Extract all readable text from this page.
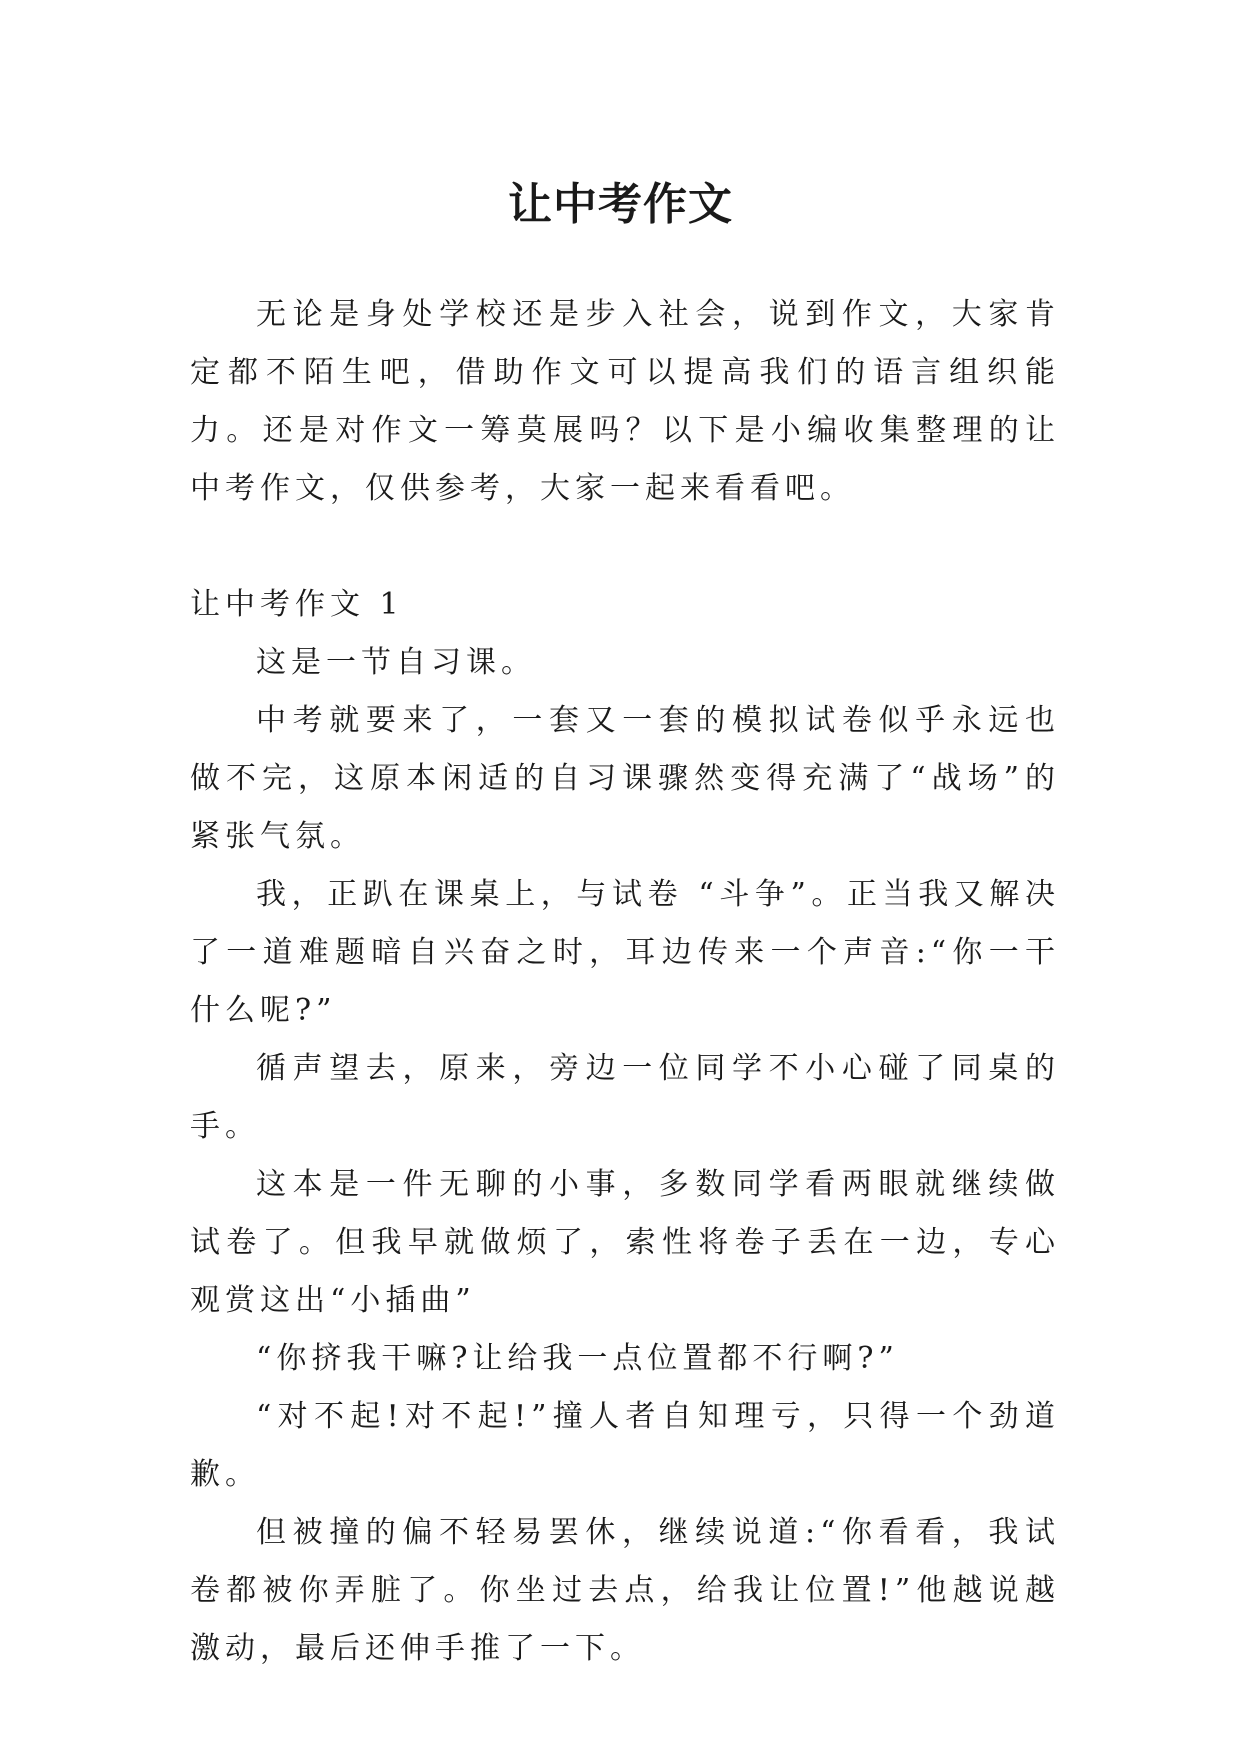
让中考作文

无论是身处学校还是步入社会，说到作文，大家肯定都不陌生吧，借助作文可以提高我们的语言组织能力。还是对作文一筹莫展吗？以下是小编收集整理的让中考作文，仅供参考，大家一起来看看吧。

让中考作文 1

这是一节自习课。

中考就要来了，一套又一套的模拟试卷似乎永远也做不完，这原本闲适的自习课骤然变得充满了“战场”的紧张气氛。

我，正趴在课桌上，与试卷 “斗争”。正当我又解决了一道难题暗自兴奋之时，耳边传来一个声音:“你一干什么呢?”

循声望去，原来，旁边一位同学不小心碰了同桌的手。

这本是一件无聊的小事，多数同学看两眼就继续做试卷了。但我早就做烦了，索性将卷子丢在一边，专心观赏这出“小插曲”

“你挤我干嘛?让给我一点位置都不行啊?”

“对不起!对不起!”撞人者自知理亏，只得一个劲道歉。

但被撞的偏不轻易罢休，继续说道:“你看看，我试卷都被你弄脏了。你坐过去点，给我让位置!”他越说越激动，最后还伸手推了一下。
